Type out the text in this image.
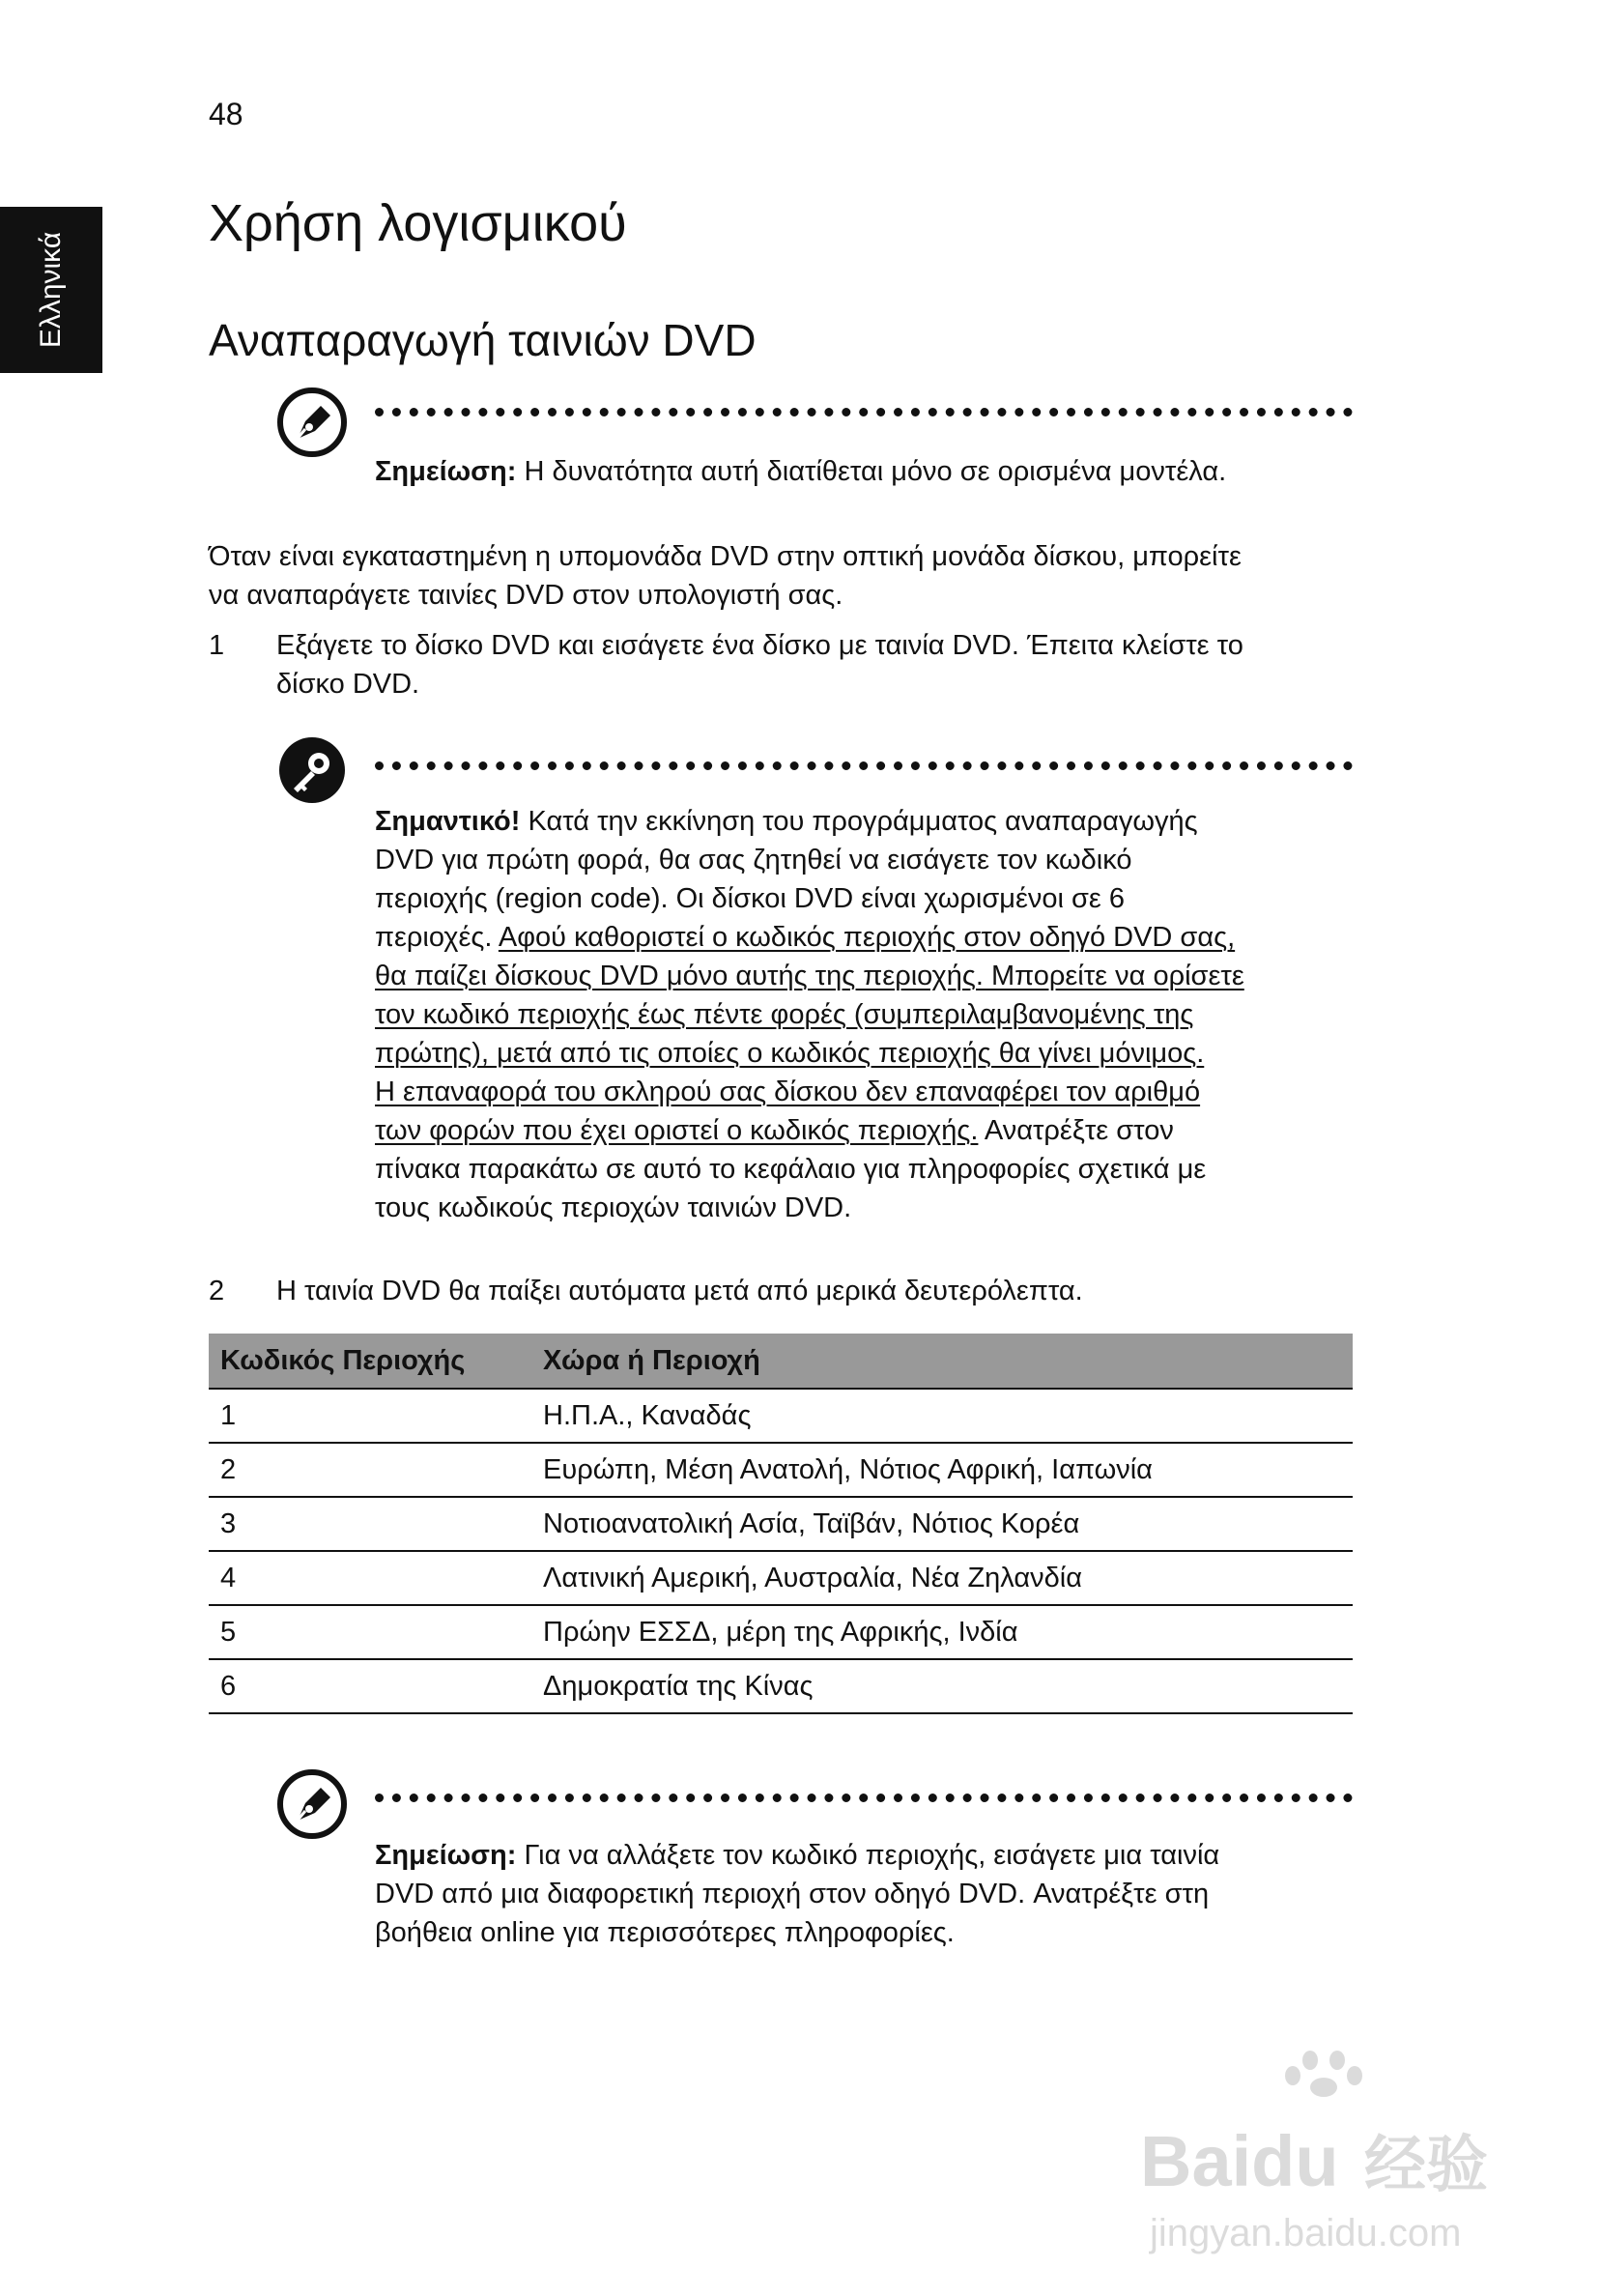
48
Ελληνικά
Χρήση λογισμικού
Αναπαραγωγή ταινιών DVD
Σημείωση: Η δυνατότητα αυτή διατίθεται μόνο σε ορισμένα μοντέλα.
Όταν είναι εγκαταστημένη η υπομονάδα DVD στην οπτική μονάδα δίσκου, μπορείτε
να αναπαράγετε ταινίες DVD στον υπολογιστή σας.
1 Εξάγετε το δίσκο DVD και εισάγετε ένα δίσκο με ταινία DVD. Έπειτα κλείστε το
δίσκο DVD.
Σημαντικό! Κατά την εκκίνηση του προγράμματος αναπαραγωγής
DVD για πρώτη φορά, θα σας ζητηθεί να εισάγετε τον κωδικό
περιοχής (region code). Οι δίσκοι DVD είναι χωρισμένοι σε 6
περιοχές. Αφού καθοριστεί ο κωδικός περιοχής στον οδηγό DVD σας,
θα παίζει δίσκους DVD μόνο αυτής της περιοχής. Μπορείτε να ορίσετε
τον κωδικό περιοχής έως πέντε φορές (συμπεριλαμβανομένης της
πρώτης), μετά από τις οποίες ο κωδικός περιοχής θα γίνει μόνιμος.
Η επαναφορά του σκληρού σας δίσκου δεν επαναφέρει τον αριθμό
των φορών που έχει οριστεί ο κωδικός περιοχής. Ανατρέξτε στον
πίνακα παρακάτω σε αυτό το κεφάλαιο για πληροφορίες σχετικά με
τους κωδικούς περιοχών ταινιών DVD.
2 Η ταινία DVD θα παίξει αυτόματα μετά από μερικά δευτερόλεπτα.
Κωδικός Περιοχής	Χώρα ή Περιοχή
1	Η.Π.Α., Καναδάς
2	Ευρώπη, Μέση Ανατολή, Νότιος Αφρική, Ιαπωνία
3	Νοτιοανατολική Ασία, Ταϊβάν, Νότιος Κορέα
4	Λατινική Αμερική, Αυστραλία, Νέα Ζηλανδία
5	Πρώην ΕΣΣΔ, μέρη της Αφρικής, Ινδία
6	Δημοκρατία της Κίνας
Σημείωση: Για να αλλάξετε τον κωδικό περιοχής, εισάγετε μια ταινία
DVD από μια διαφορετική περιοχή στον οδηγό DVD. Ανατρέξτε στη
βοήθεια online για περισσότερες πληροφορίες.
Baidu 经验
jingyan.baidu.com
